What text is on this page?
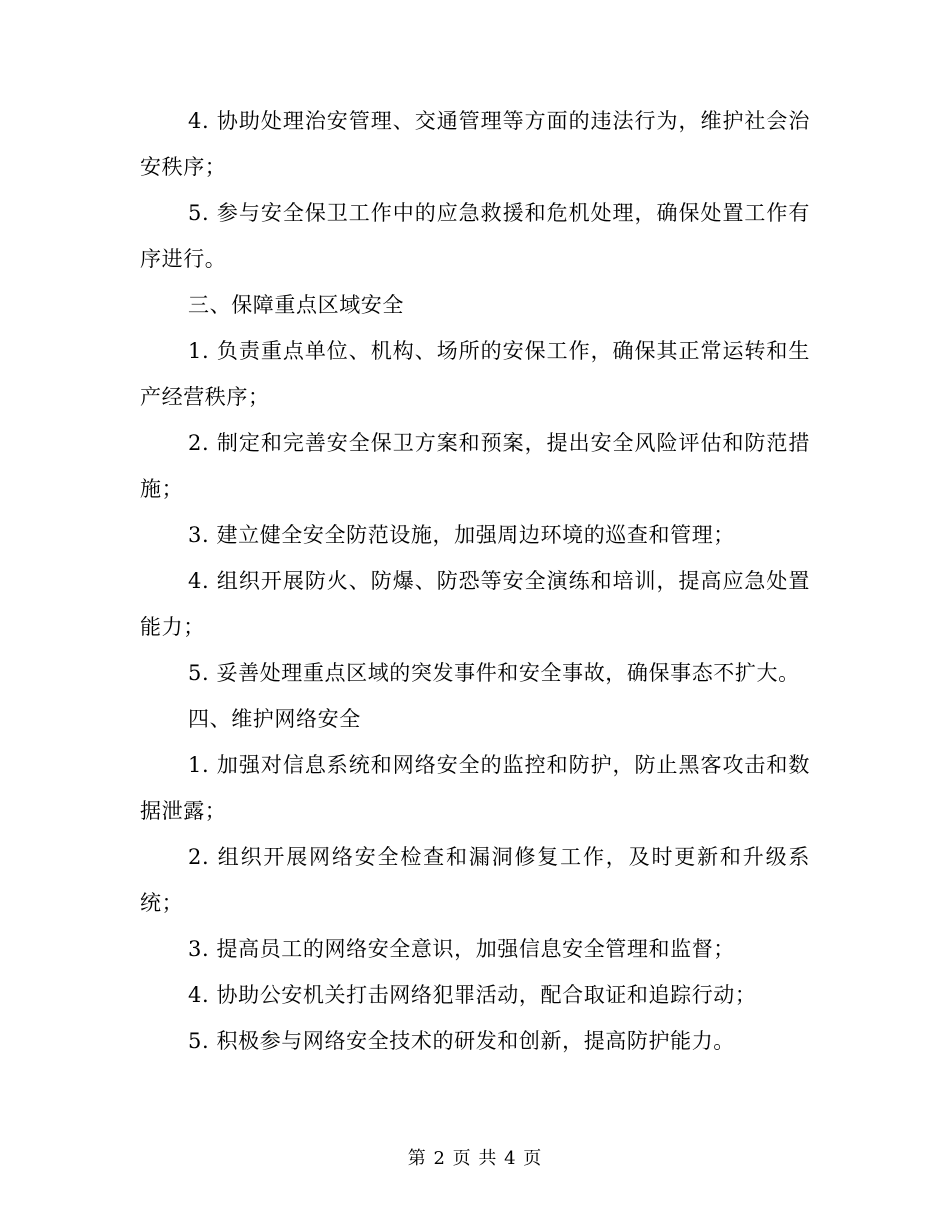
4. 协助处理治安管理、交通管理等方面的违法行为，维护社会治安秩序；

5. 参与安全保卫工作中的应急救援和危机处理，确保处置工作有序进行。

三、保障重点区域安全

1. 负责重点单位、机构、场所的安保工作，确保其正常运转和生产经营秩序；

2. 制定和完善安全保卫方案和预案，提出安全风险评估和防范措施；

3. 建立健全安全防范设施，加强周边环境的巡查和管理；

4. 组织开展防火、防爆、防恐等安全演练和培训，提高应急处置能力；

5. 妥善处理重点区域的突发事件和安全事故，确保事态不扩大。

四、维护网络安全

1. 加强对信息系统和网络安全的监控和防护，防止黑客攻击和数据泄露；

2. 组织开展网络安全检查和漏洞修复工作，及时更新和升级系统；

3. 提高员工的网络安全意识，加强信息安全管理和监督；

4. 协助公安机关打击网络犯罪活动，配合取证和追踪行动；

5. 积极参与网络安全技术的研发和创新，提高防护能力。

第 2 页 共 4 页
